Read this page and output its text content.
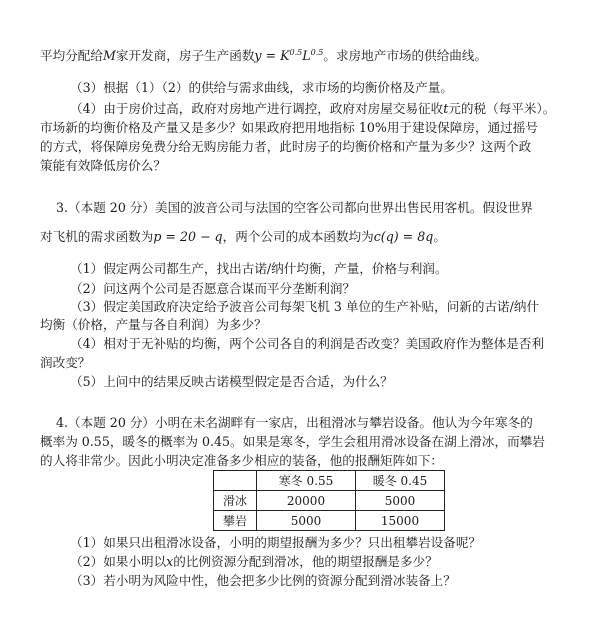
平均分配给M家开发商，房子生产函数$y = K^{0.5}L^{0.5}$。求房地产市场的供给曲线。
（3）根据（1）（2）的供给与需求曲线，求市场的均衡价格及产量。
（4）由于房价过高，政府对房地产进行调控，政府对房屋交易征收t元的税（每平米）。
市场新的均衡价格及产量又是多少？如果政府把用地指标 10%用于建设保障房，通过摇号
的方式，将保障房免费分给无购房能力者，此时房子的均衡价格和产量为多少？这两个政
策能有效降低房价么？
3.（本题 20 分）美国的波音公司与法国的空客公司都向世界出售民用客机。假设世界
对飞机的需求函数为p = 20 − q，两个公司的成本函数均为c(q) = 8q。
（1）假定两公司都生产，找出古诺/纳什均衡，产量，价格与利润。
（2）问这两个公司是否愿意合谋而平分垄断利润？
（3）假定美国政府决定给予波音公司每架飞机 3 单位的生产补贴，问新的古诺/纳什
均衡（价格，产量与各自利润）为多少？
（4）相对于无补贴的均衡，两个公司各自的利润是否改变？美国政府作为整体是否利
润改变？
（5）上问中的结果反映古诺模型假定是否合适，为什么？
4.（本题 20 分）小明在未名湖畔有一家店，出租滑冰与攀岩设备。他认为今年寒冬的
概率为 0.55，暖冬的概率为 0.45。如果是寒冬，学生会租用滑冰设备在湖上滑冰，而攀岩
的人将非常少。因此小明决定准备多少相应的装备，他的报酬矩阵如下：
	寒冬 0.55	暖冬 0.45
滑冰	20000	5000
攀岩	5000	15000
（1）如果只出租滑冰设备，小明的期望报酬为多少？只出租攀岩设备呢？
（2）如果小明以x的比例资源分配到滑冰，他的期望报酬是多少？
（3）若小明为风险中性，他会把多少比例的资源分配到滑冰装备上？
